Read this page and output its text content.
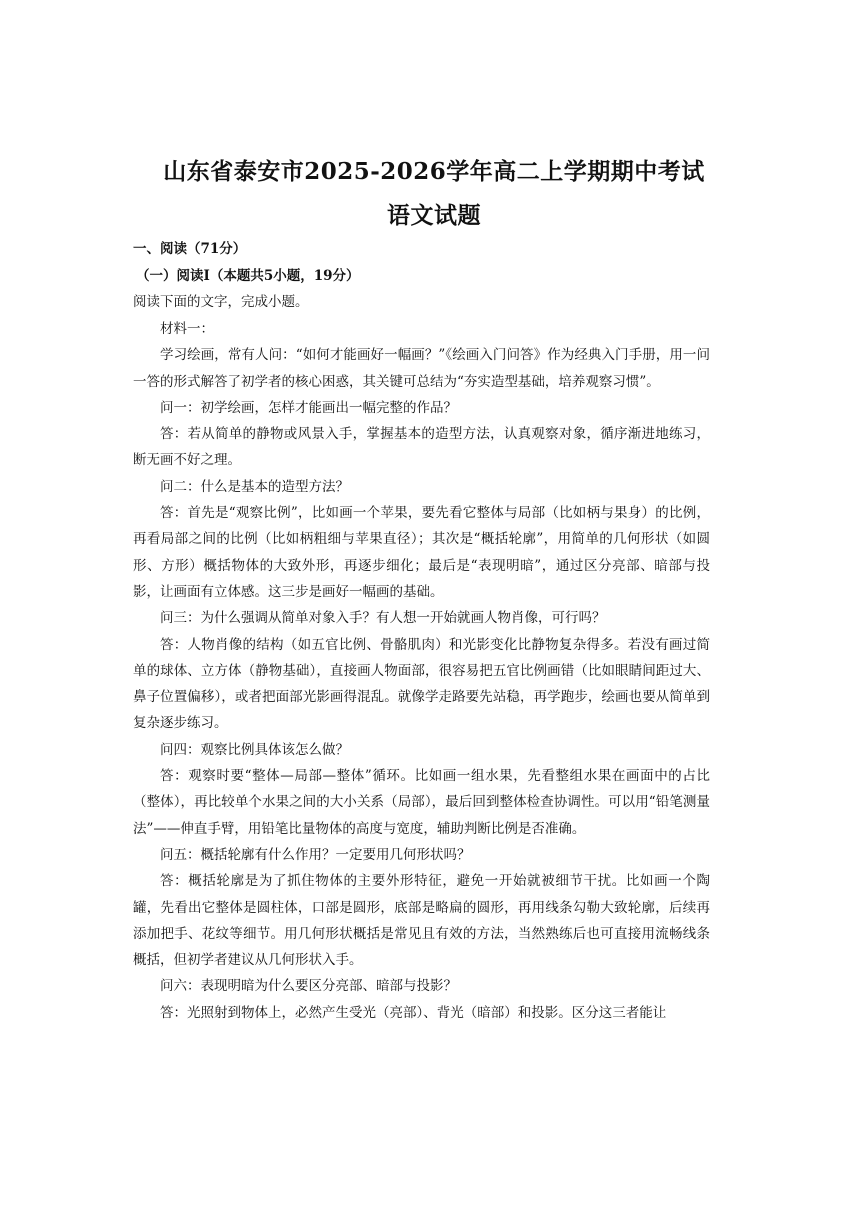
山东省泰安市2025-2026学年高二上学期期中考试
语文试题
一、阅读（71分）
（一）阅读Ⅰ（本题共5小题，19分）
阅读下面的文字，完成小题。

材料一：

学习绘画，常有人问：“如何才能画好一幅画？”《绘画入门问答》作为经典入门手册，用一问一答的形式解答了初学者的核心困惑，其关键可总结为“夯实造型基础，培养观察习惯”。

问一：初学绘画，怎样才能画出一幅完整的作品？

答：若从简单的静物或风景入手，掌握基本的造型方法，认真观察对象，循序渐进地练习，断无画不好之理。

问二：什么是基本的造型方法？

答：首先是“观察比例”，比如画一个苹果，要先看它整体与局部（比如柄与果身）的比例，再看局部之间的比例（比如柄粗细与苹果直径）；其次是“概括轮廓”，用简单的几何形状（如圆形、方形）概括物体的大致外形，再逐步细化；最后是“表现明暗”，通过区分亮部、暗部与投影，让画面有立体感。这三步是画好一幅画的基础。

问三：为什么强调从简单对象入手？有人想一开始就画人物肖像，可行吗？

答：人物肖像的结构（如五官比例、骨骼肌肉）和光影变化比静物复杂得多。若没有画过简单的球体、立方体（静物基础），直接画人物面部，很容易把五官比例画错（比如眼睛间距过大、鼻子位置偏移），或者把面部光影画得混乱。就像学走路要先站稳，再学跑步，绘画也要从简单到复杂逐步练习。

问四：观察比例具体该怎么做？

答：观察时要“整体—局部—整体”循环。比如画一组水果，先看整组水果在画面中的占比（整体），再比较单个水果之间的大小关系（局部），最后回到整体检查协调性。可以用“铅笔测量法”——伸直手臂，用铅笔比量物体的高度与宽度，辅助判断比例是否准确。

问五：概括轮廓有什么作用？一定要用几何形状吗？

答：概括轮廓是为了抓住物体的主要外形特征，避免一开始就被细节干扰。比如画一个陶罐，先看出它整体是圆柱体，口部是圆形，底部是略扁的圆形，再用线条勾勒大致轮廓，后续再添加把手、花纹等细节。用几何形状概括是常见且有效的方法，当然熟练后也可直接用流畅线条概括，但初学者建议从几何形状入手。

问六：表现明暗为什么要区分亮部、暗部与投影？

答：光照射到物体上，必然产生受光（亮部）、背光（暗部）和投影。区分这三者能让
